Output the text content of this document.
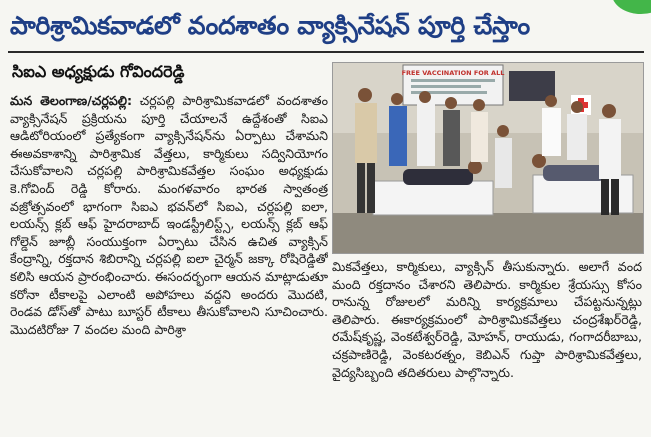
పారిశ్రామికవాడలో వందశాతం వ్యాక్సినేషన్ పూర్తి చేస్తాం
సిఐఎ అధ్యక్షుడు గోవిందరెడ్డి
మన తెలంగాణ/చర్లపల్లి: చర్లపల్లి పారిశ్రామికవాడలో వందశాతం వ్యాక్సినేషన్ ప్రక్రియను పూర్తి చేయాలనే ఉద్దేశంతో సిఐఎ ఆడిటోరియంలో ప్రత్యేకంగా వ్యాక్సినేషన్‌ను ఏర్పాటు చేశామని ఈఅవకాశాన్ని పారిశ్రామిక వేత్తలు, కార్మికులు సద్వినియోగం చేసుకోవాలని చర్లపల్లి పారిశ్రామికవేత్తల సంఘం అధ్యక్షుడు కె.గోవింద్ రెడ్డి కోరారు. మంగళవారం భారత స్వాతంత్ర వజ్రోత్సవంలో భాగంగా సిఐఎ భవన్‌లో సిఐఎ, చర్లపల్లి ఐలా, లయన్స్ క్లబ్ ఆఫ్ హైదరాబాద్ ఇండస్ట్రీలిస్ట్స్, లయన్స్ క్లబ్ ఆఫ్ గోల్డెన్ జూబ్లీ సంయుక్తంగా ఏర్పాటు చేసిన ఉచిత వ్యాక్సిన్ కేంద్రాన్ని, రక్తదాన శిబిరాన్ని చర్లపల్లి ఐలా చైర్మన్ జక్కా రోషిరెడ్డితో కలిసి ఆయన ప్రారంభించారు. ఈసందర్భంగా ఆయన మాట్లాడుతూ కరోనా టీకాలపై ఎలాంటి అపోహలు వద్దని అందరు మొదటి, రెండవ డోస్‌తో పాటు బూస్టర్ టీకాలు తీసుకోవాలని సూచించారు. మొదటిరోజు 7 వందల మంది పారిశ్రా
FREE VACCINATION FOR ALL
మికవేత్తలు, కార్మికులు, వ్యాక్సిన్ తీసుకున్నారు. అలాగే వంద మంది రక్తదానం చేశారని తెలిపారు. కార్మికుల శ్రేయస్సు కోసం రానున్న రోజులలో మరిన్ని కార్యక్రమాలు చేపట్టనున్నట్లు తెలిపారు. ఈకార్యక్రమంలో పారిశ్రామికవేత్తలు చంద్రశేఖర్‌రెడ్డి, రమేష్‌కృష్ణ, వెంకటేశ్వర్‌రెడ్డి, మోహన్, రాయుడు, గంగాదరీబాబు, చక్రపాణిరెడ్డి, వెంకటరత్నం, కెబిఎన్ గుప్తా పారిశ్రామికవేత్తలు, వైద్యసిబ్బంది తదితరులు పాల్గొన్నారు.
